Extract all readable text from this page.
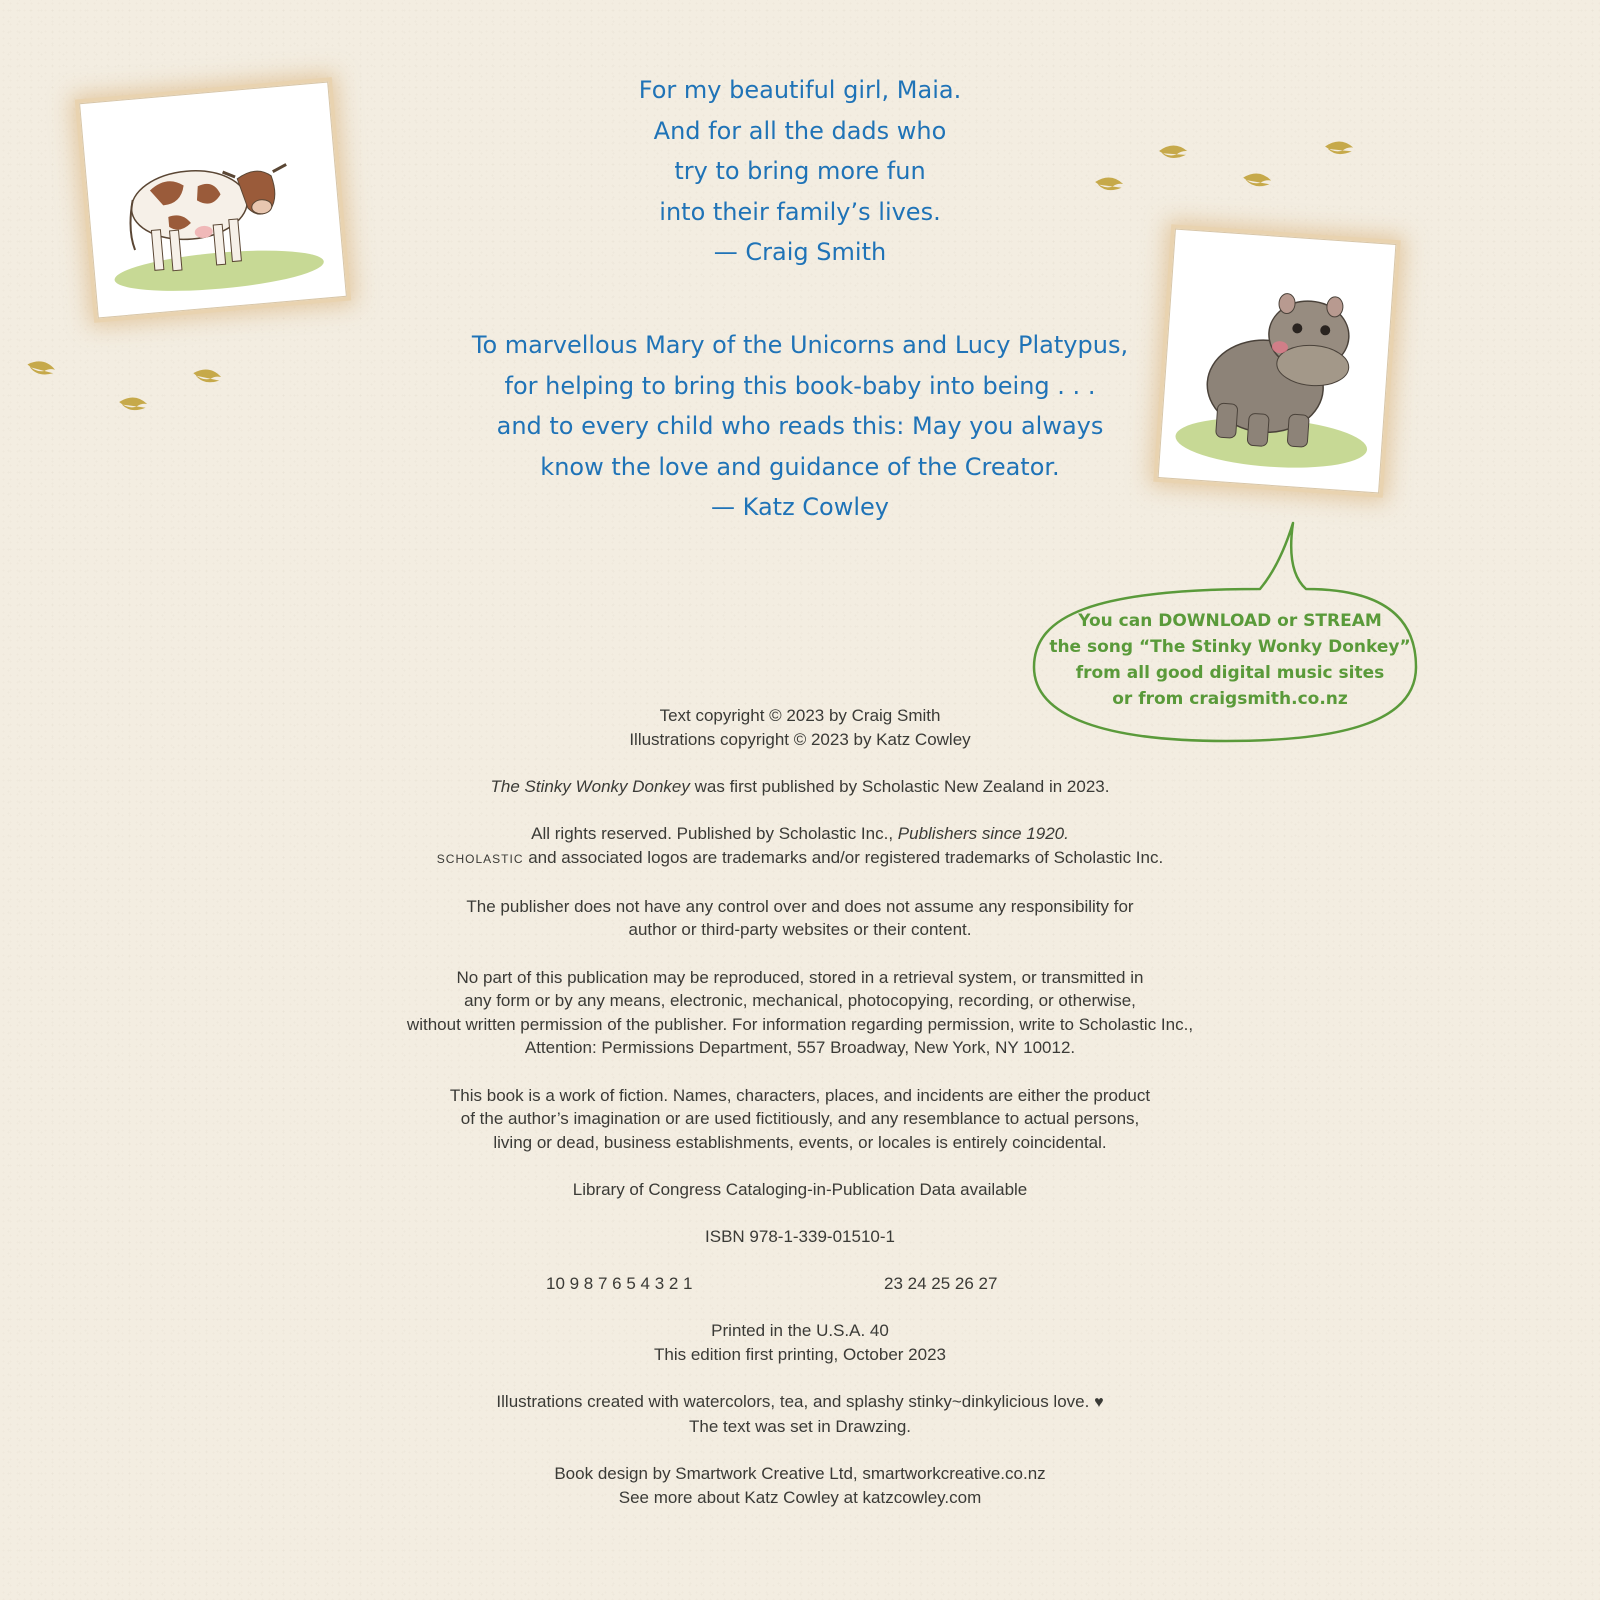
For my beautiful girl, Maia.

And for all the dads who

try to bring more fun

into their family’s lives.

— Craig Smith

To marvellous Mary of the Unicorns and Lucy Platypus,

for helping to bring this book-baby into being . . .

and to every child who reads this: May you always

know the love and guidance of the Creator.

— Katz Cowley

You can DOWNLOAD or STREAM

the song “The Stinky Wonky Donkey”

from all good digital music sites

or from craigsmith.co.nz

Text copyright © 2023 by Craig Smith

Illustrations copyright © 2023 by Katz Cowley

The Stinky Wonky Donkey was first published by Scholastic New Zealand in 2023.

All rights reserved. Published by Scholastic Inc., Publishers since 1920.

SCHOLASTIC and associated logos are trademarks and/or registered trademarks of Scholastic Inc.

The publisher does not have any control over and does not assume any responsibility for

author or third-party websites or their content.

No part of this publication may be reproduced, stored in a retrieval system, or transmitted in

any form or by any means, electronic, mechanical, photocopying, recording, or otherwise,

without written permission of the publisher. For information regarding permission, write to Scholastic Inc.,

Attention: Permissions Department, 557 Broadway, New York, NY 10012.

This book is a work of fiction. Names, characters, places, and incidents are either the product

of the author’s imagination or are used fictitiously, and any resemblance to actual persons,

living or dead, business establishments, events, or locales is entirely coincidental.

Library of Congress Cataloging-in-Publication Data available

ISBN 978-1-339-01510-1

10 9 8 7 6 5 4 3 2 1	23 24 25 26 27

Printed in the U.S.A. 40

This edition first printing, October 2023

Illustrations created with watercolors, tea, and splashy stinky~dinkylicious love. ♥

The text was set in Drawzing.

Book design by Smartwork Creative Ltd, smartworkcreative.co.nz

See more about Katz Cowley at katzcowley.com
